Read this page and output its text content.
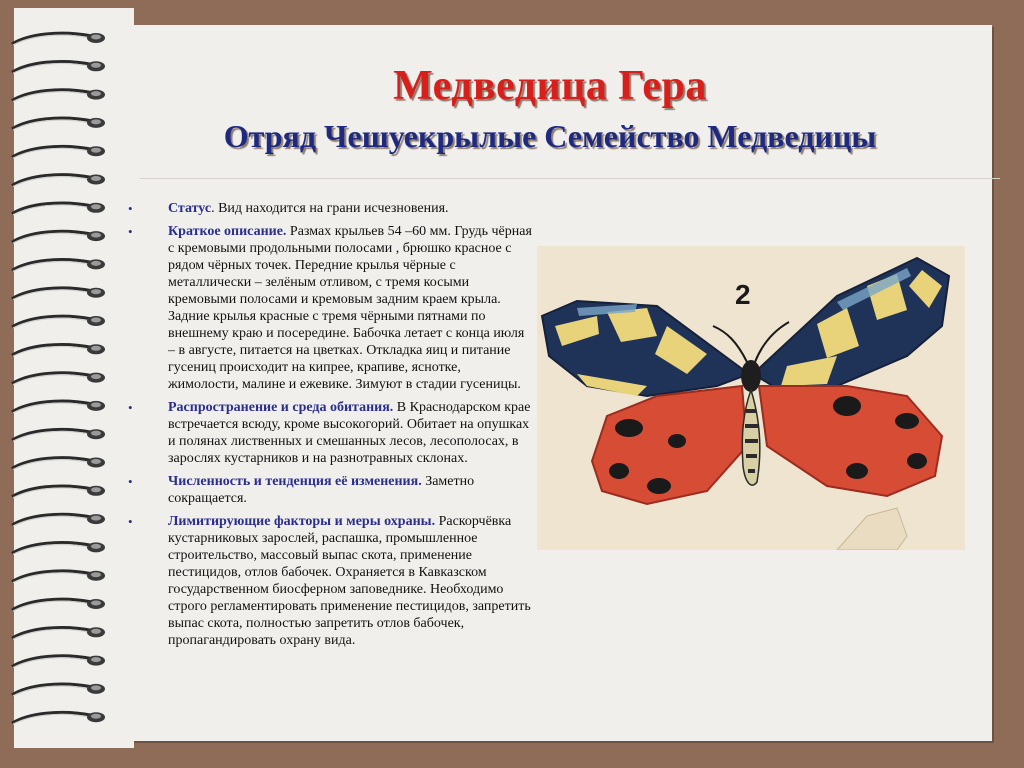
Медведица Гера
Отряд Чешуекрылые Семейство Медведицы
•	Статус. Вид находится на грани исчезновения.
•	Краткое описание. Размах крыльев 54 –60 мм. Грудь чёрная с кремовыми продольными полосами , брюшко красное с рядом чёрных точек. Передние крылья чёрные с металлически – зелёным отливом, с тремя косыми кремовыми полосами и кремовым задним краем крыла. Задние крылья красные с тремя чёрными пятнами по внешнему краю и посередине. Бабочка летает с конца июля – в августе, питается на цветках. Откладка яиц и питание гусениц происходит на кипрее, крапиве, яснотке, жимолости, малине и ежевике. Зимуют в стадии гусеницы.
•	Распространение и среда обитания. В Краснодарском крае встречается всюду, кроме высокогорий. Обитает на опушках и полянах лиственных и смешанных лесов, лесополосах, в зарослях кустарников и на разнотравных склонах.
•	Численность и тенденция её изменения. Заметно сокращается.
•	Лимитирующие факторы и меры охраны. Раскорчёвка кустарниковых зарослей, распашка, промышленное строительство, массовый выпас скота, применение пестицидов, отлов бабочек. Охраняется в Кавказском государственном биосферном заповеднике. Необходимо строго регламентировать применение пестицидов, запретить выпас скота, полностью запретить отлов бабочек, пропагандировать охрану вида.
2
